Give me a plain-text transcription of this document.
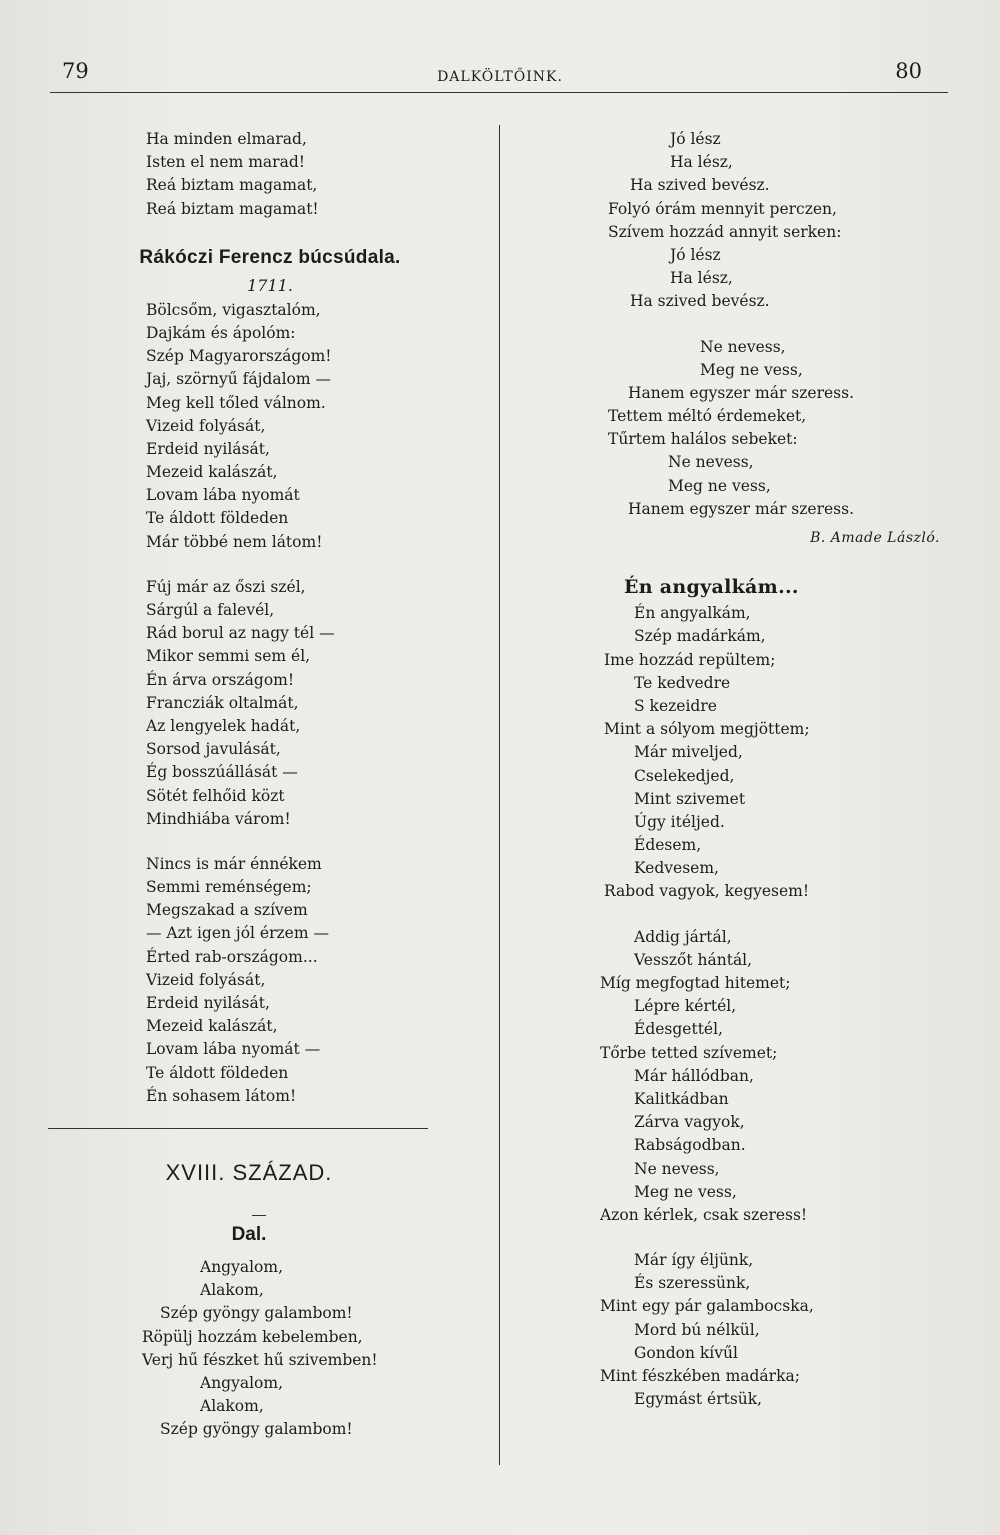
79	DALKÖLTŐINK.	80
Ha minden elmarad,
Isten el nem marad!
Reá biztam magamat,
Reá biztam magamat!
Rákóczi Ferencz búcsúdala.
1711.
Bölcsőm, vigasztalóm,
Dajkám és ápolóm:
Szép Magyarországom!
Jaj, szörnyű fájdalom —
Meg kell tőled válnom.
Vizeid folyását,
Erdeid nyilását,
Mezeid kalászát,
Lovam lába nyomát
Te áldott földeden
Már többé nem látom!
Fúj már az őszi szél,
Sárgúl a falevél,
Rád borul az nagy tél —
Mikor semmi sem él,
Én árva országom!
Francziák oltalmát,
Az lengyelek hadát,
Sorsod javulását,
Ég bosszúállását —
Sötét felhőid közt
Mindhiába várom!
Nincs is már énnékem
Semmi reménségem;
Megszakad a szívem
— Azt igen jól érzem —
Érted rab-országom...
Vizeid folyását,
Erdeid nyilását,
Mezeid kalászát,
Lovam lába nyomát —
Te áldott földeden
Én sohasem látom!
XVIII. SZÁZAD.
Dal.
Angyalom,
Alakom,
Szép gyöngy galambom!
Röpülj hozzám kebelemben,
Verj hű fészket hű szivemben!
Angyalom,
Alakom,
Szép gyöngy galambom!
Jó lész
Ha lész,
Ha szived bevész.
Folyó órám mennyit perczen,
Szívem hozzád annyit serken:
Jó lész
Ha lész,
Ha szived bevész.
Ne nevess,
Meg ne vess,
Hanem egyszer már szeress.
Tettem méltó érdemeket,
Tűrtem halálos sebeket:
Ne nevess,
Meg ne vess,
Hanem egyszer már szeress.
B. Amade László.
Én angyalkám...
Én angyalkám,
Szép madárkám,
Ime hozzád repültem;
Te kedvedre
S kezeidre
Mint a sólyom megjöttem;
Már miveljed,
Cselekedjed,
Mint szivemet
Úgy itéljed.
Édesem,
Kedvesem,
Rabod vagyok, kegyesem!
Addig jártál,
Vesszőt hántál,
Míg megfogtad hitemet;
Lépre kértél,
Édesgettél,
Tőrbe tetted szívemet;
Már hállódban,
Kalitkádban
Zárva vagyok,
Rabságodban.
Ne nevess,
Meg ne vess,
Azon kérlek, csak szeress!
Már így éljünk,
És szeressünk,
Mint egy pár galambocska,
Mord bú nélkül,
Gondon kívűl
Mint fészkében madárka;
Egymást értsük,
